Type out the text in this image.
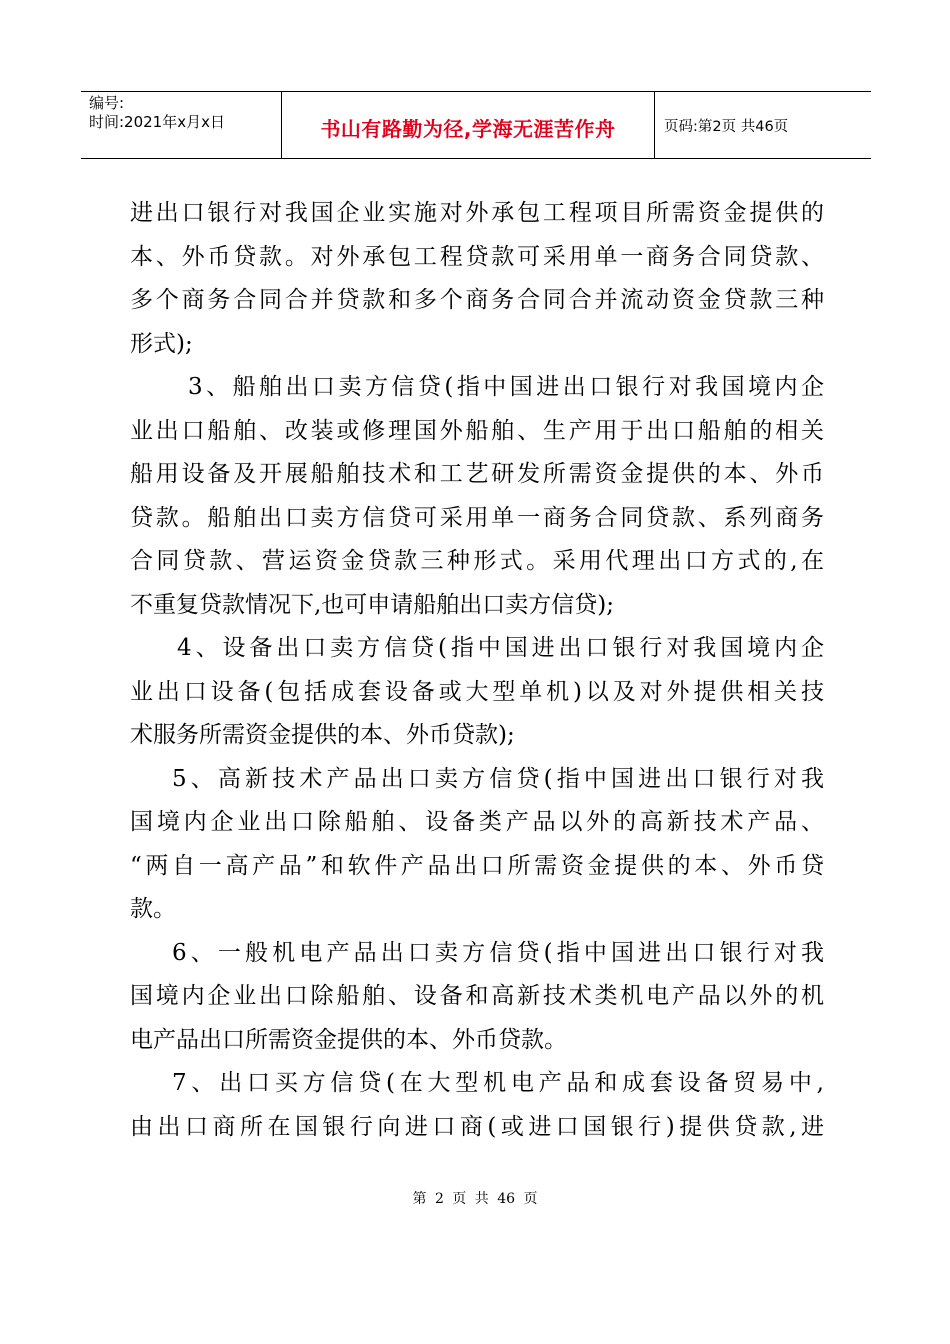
编号:
时间:2021年x月x日	书山有路勤为径,学海无涯苦作舟	页码:第2页 共46页
进出口银行对我国企业实施对外承包工程项目所需资金提供的
本、外币贷款。对外承包工程贷款可采用单一商务合同贷款、
多个商务合同合并贷款和多个商务合同合并流动资金贷款三种
形式);
3、船舶出口卖方信贷(指中国进出口银行对我国境内企
业出口船舶、改装或修理国外船舶、生产用于出口船舶的相关
船用设备及开展船舶技术和工艺研发所需资金提供的本、外币
贷款。船舶出口卖方信贷可采用单一商务合同贷款、系列商务
合同贷款、营运资金贷款三种形式。采用代理出口方式的,在
不重复贷款情况下,也可申请船舶出口卖方信贷);
4、设备出口卖方信贷(指中国进出口银行对我国境内企
业出口设备(包括成套设备或大型单机)以及对外提供相关技
术服务所需资金提供的本、外币贷款);
5、高新技术产品出口卖方信贷(指中国进出口银行对我
国境内企业出口除船舶、设备类产品以外的高新技术产品、
“两自一高产品”和软件产品出口所需资金提供的本、外币贷
款。
6、一般机电产品出口卖方信贷(指中国进出口银行对我
国境内企业出口除船舶、设备和高新技术类机电产品以外的机
电产品出口所需资金提供的本、外币贷款。
7、出口买方信贷(在大型机电产品和成套设备贸易中,
由出口商所在国银行向进口商(或进口国银行)提供贷款,进
第 2 页 共 46 页
